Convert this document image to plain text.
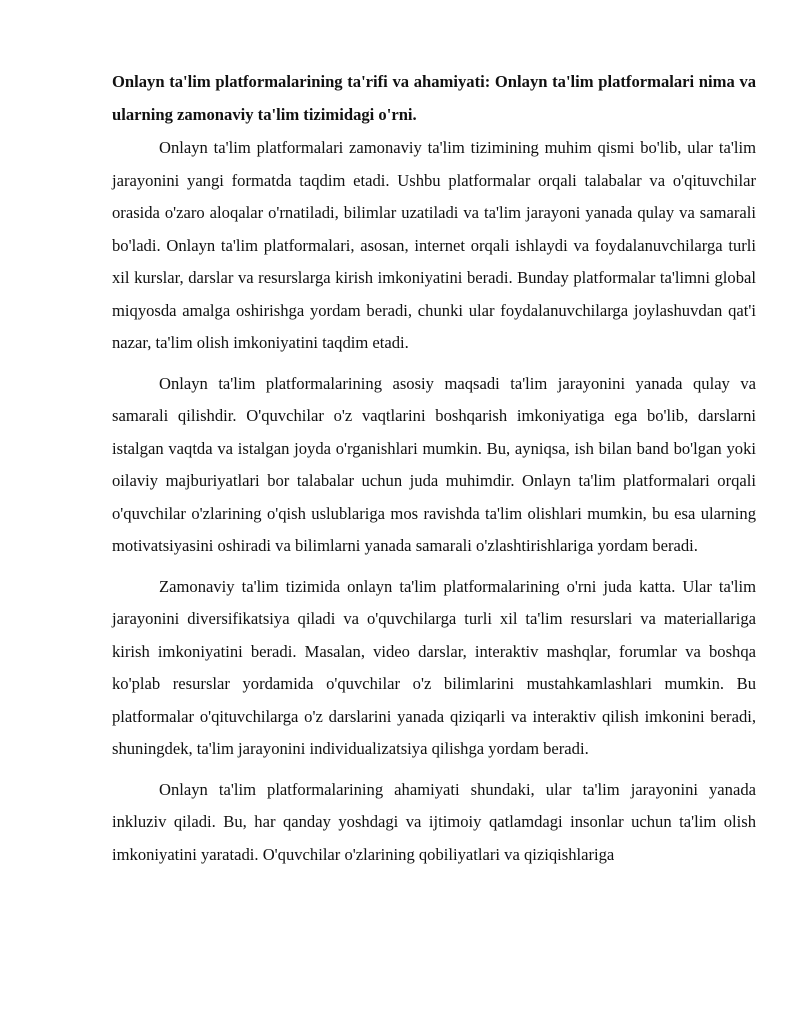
Onlayn ta'lim platformalarining ta'rifi va ahamiyati: Onlayn ta'lim platformalari nima va ularning zamonaviy ta'lim tizimidagi o'rni.

Onlayn ta'lim platformalari zamonaviy ta'lim tizimining muhim qismi bo'lib, ular ta'lim jarayonini yangi formatda taqdim etadi. Ushbu platformalar orqali talabalar va o'qituvchilar orasida o'zaro aloqalar o'rnatiladi, bilimlar uzatiladi va ta'lim jarayoni yanada qulay va samarali bo'ladi. Onlayn ta'lim platformalari, asosan, internet orqali ishlaydi va foydalanuvchilarga turli xil kurslar, darslar va resurslarga kirish imkoniyatini beradi. Bunday platformalar ta'limni global miqyosda amalga oshirishga yordam beradi, chunki ular foydalanuvchilarga joylashuvdan qat'i nazar, ta'lim olish imkoniyatini taqdim etadi.

Onlayn ta'lim platformalarining asosiy maqsadi ta'lim jarayonini yanada qulay va samarali qilishdir. O'quvchilar o'z vaqtlarini boshqarish imkoniyatiga ega bo'lib, darslarni istalgan vaqtda va istalgan joyda o'rganishlari mumkin. Bu, ayniqsa, ish bilan band bo'lgan yoki oilaviy majburiyatlari bor talabalar uchun juda muhimdir. Onlayn ta'lim platformalari orqali o'quvchilar o'zlarining o'qish uslublariga mos ravishda ta'lim olishlari mumkin, bu esa ularning motivatsiyasini oshiradi va bilimlarni yanada samarali o'zlashtirishlariga yordam beradi.

Zamonaviy ta'lim tizimida onlayn ta'lim platformalarining o'rni juda katta. Ular ta'lim jarayonini diversifikatsiya qiladi va o'quvchilarga turli xil ta'lim resurslari va materiallariga kirish imkoniyatini beradi. Masalan, video darslar, interaktiv mashqlar, forumlar va boshqa ko'plab resurslar yordamida o'quvchilar o'z bilimlarini mustahkamlashlari mumkin. Bu platformalar o'qituvchilarga o'z darslarini yanada qiziqarli va interaktiv qilish imkonini beradi, shuningdek, ta'lim jarayonini individualizatsiya qilishga yordam beradi.

Onlayn ta'lim platformalarining ahamiyati shundaki, ular ta'lim jarayonini yanada inkluziv qiladi. Bu, har qanday yoshdagi va ijtimoiy qatlamdagi insonlar uchun ta'lim olish imkoniyatini yaratadi. O'quvchilar o'zlarining qobiliyatlari va qiziqishlariga
